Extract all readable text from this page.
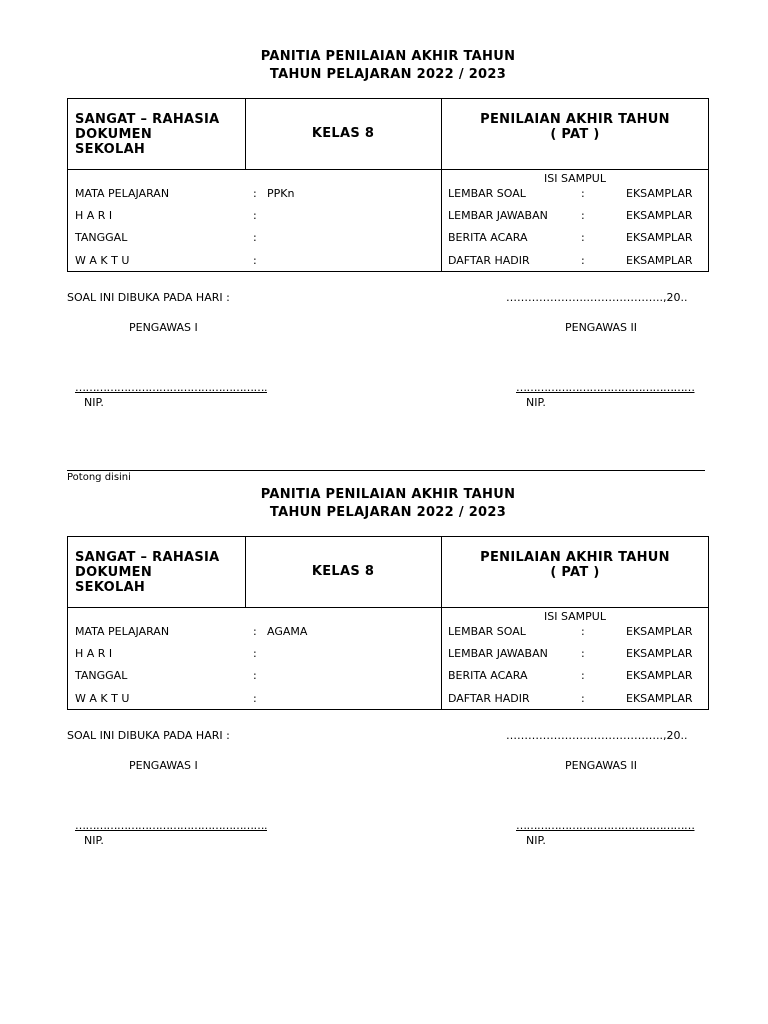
PANITIA PENILAIAN AKHIR TAHUN
TAHUN PELAJARAN 2022 / 2023
SANGAT – RAHASIA
DOKUMEN
SEKOLAH
KELAS 8
PENILAIAN AKHIR TAHUN
( PAT )
MATA PELAJARAN	: PPKn
H A R I	:
TANGGAL	:
W A K T U	:
ISI SAMPUL
LEMBAR SOAL	:	EKSAMPLAR
LEMBAR JAWABAN	:	EKSAMPLAR
BERITA ACARA	:	EKSAMPLAR
DAFTAR HADIR	:	EKSAMPLAR
SOAL INI DIBUKA PADA HARI :	…………………..………………..,20..
PENGAWAS I	PENGAWAS II
……………………………………………….	……………………………………………
NIP.	NIP.
PANITIA PENILAIAN AKHIR TAHUN
TAHUN PELAJARAN 2022 / 2023
SANGAT – RAHASIA
DOKUMEN
SEKOLAH
KELAS 8
PENILAIAN AKHIR TAHUN
( PAT )
MATA PELAJARAN	: AGAMA
H A R I	:
TANGGAL	:
W A K T U	:
ISI SAMPUL
LEMBAR SOAL	:	EKSAMPLAR
LEMBAR JAWABAN	:	EKSAMPLAR
BERITA ACARA	:	EKSAMPLAR
DAFTAR HADIR	:	EKSAMPLAR
SOAL INI DIBUKA PADA HARI :	…………………..………………..,20..
PENGAWAS I	PENGAWAS II
……………………………………………….	……………………………………………
NIP.	NIP.
Potong disini
